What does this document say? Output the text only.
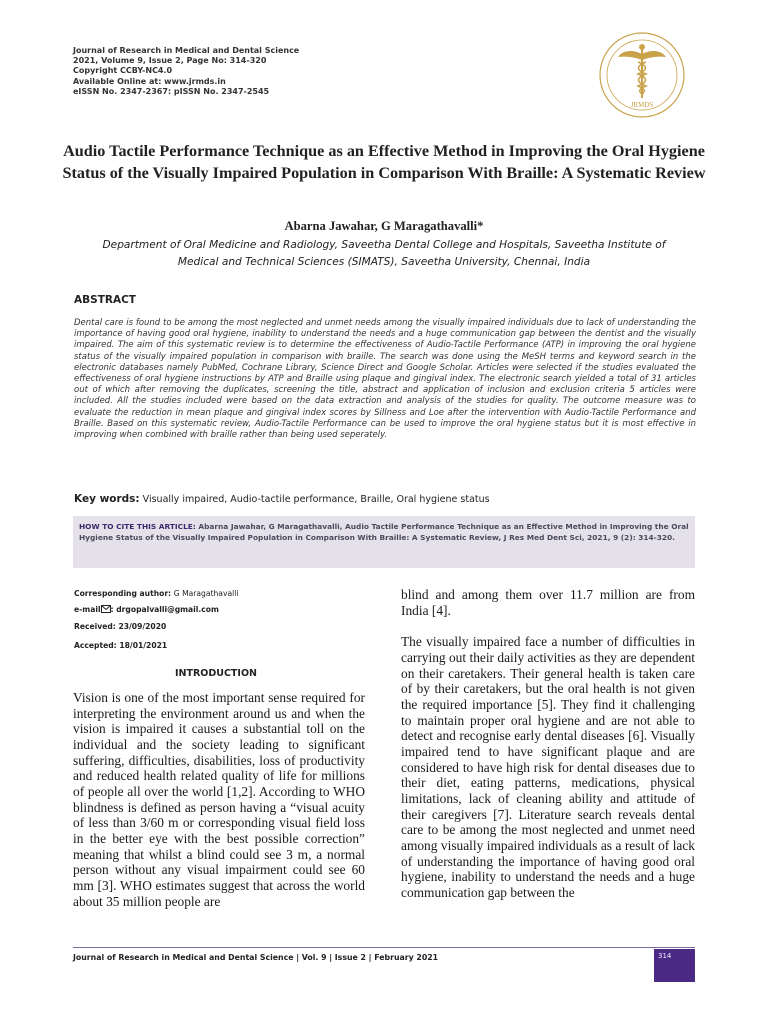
Journal of Research in Medical and Dental Science
2021, Volume 9, Issue 2, Page No: 314-320
Copyright CCBY-NC4.0
Available Online at: www.jrmds.in
eISSN No. 2347-2367: pISSN No. 2347-2545
JRMDS
Audio Tactile Performance Technique as an Effective Method in Improving the Oral Hygiene Status of the Visually Impaired Population in Comparison With Braille: A Systematic Review
Abarna Jawahar, G Maragathavalli*
Department of Oral Medicine and Radiology, Saveetha Dental College and Hospitals, Saveetha Institute of Medical and Technical Sciences (SIMATS), Saveetha University, Chennai, India
ABSTRACT
Dental care is found to be among the most neglected and unmet needs among the visually impaired individuals due to lack of understanding the importance of having good oral hygiene, inability to understand the needs and a huge communication gap between the dentist and the visually impaired. The aim of this systematic review is to determine the effectiveness of Audio-Tactile Performance (ATP) in improving the oral hygiene status of the visually impaired population in comparison with braille. The search was done using the MeSH terms and keyword search in the electronic databases namely PubMed, Cochrane Library, Science Direct and Google Scholar. Articles were selected if the studies evaluated the effectiveness of oral hygiene instructions by ATP and Braille using plaque and gingival index. The electronic search yielded a total of 31 articles out of which after removing the duplicates, screening the title, abstract and application of inclusion and exclusion criteria 5 articles were included. All the studies included were based on the data extraction and analysis of the studies for quality. The outcome measure was to evaluate the reduction in mean plaque and gingival index scores by Sillness and Loe after the intervention with Audio-Tactile Performance and Braille. Based on this systematic review, Audio-Tactile Performance can be used to improve the oral hygiene status but it is most effective in improving when combined with braille rather than being used seperately.
Key words: Visually impaired, Audio-tactile performance, Braille, Oral hygiene status
HOW TO CITE THIS ARTICLE: Abarna Jawahar, G Maragathavalli, Audio Tactile Performance Technique as an Effective Method in Improving the Oral Hygiene Status of the Visually Impaired Population in Comparison With Braille: A Systematic Review, J Res Med Dent Sci, 2021, 9 (2): 314-320.
Corresponding author: G Maragathavalli
e-mail : drgopalvalli@gmail.com
Received: 23/09/2020
Accepted: 18/01/2021
INTRODUCTION
Vision is one of the most important sense required for interpreting the environment around us and when the vision is impaired it causes a substantial toll on the individual and the society leading to significant suffering, difficulties, disabilities, loss of productivity and reduced health related quality of life for millions of people all over the world [1,2]. According to WHO blindness is defined as person having a “visual acuity of less than 3/60 m or corresponding visual field loss in the better eye with the best possible correction” meaning that whilst a blind could see 3 m, a normal person without any visual impairment could see 60 mm [3]. WHO estimates suggest that across the world about 35 million people are

blind and among them over 11.7 million are from India [4].

The visually impaired face a number of difficulties in carrying out their daily activities as they are dependent on their caretakers. Their general health is taken care of by their caretakers, but the oral health is not given the required importance [5]. They find it challenging to maintain proper oral hygiene and are not able to detect and recognise early dental diseases [6]. Visually impaired tend to have significant plaque and are considered to have high risk for dental diseases due to their diet, eating patterns, medications, physical limitations, lack of cleaning ability and attitude of their caregivers [7]. Literature search reveals dental care to be among the most neglected and unmet need among visually impaired individuals as a result of lack of understanding the importance of having good oral hygiene, inability to understand the needs and a huge communication gap between the

Journal of Research in Medical and Dental Science | Vol. 9 | Issue 2 | February 2021	314
